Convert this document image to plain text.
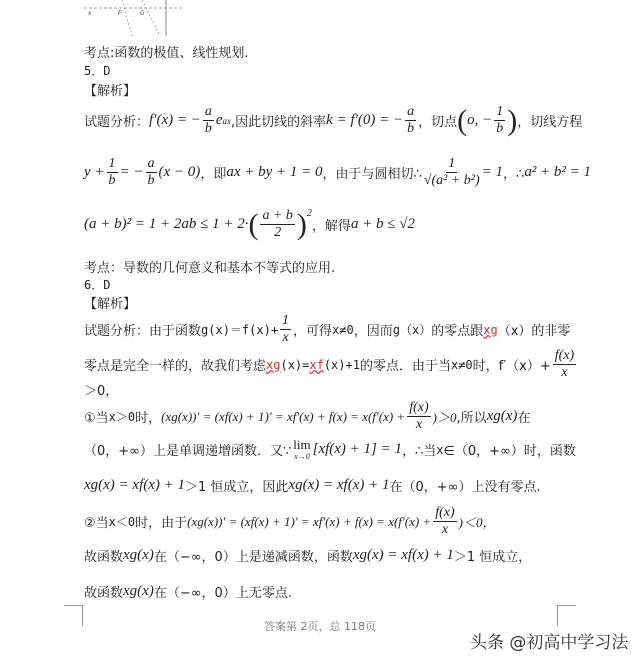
A	F	G
考点:函数的极值、线性规划.
5．D
【解析】
试题分析： f′(x) = − $\frac{a}{b}$ e ax ,因此切线的斜率 k = f′(0) = − $\frac{a}{b}$ ，切点 ( o, − $\frac{1}{b}$ ) ，切线方程
$y + \frac{1}{b}$ = − $\frac{a}{b} (x - 0)$ ，即 ax + by + 1 = 0 ，由于与圆相切∴ $\frac{1}{\text{√(a² + b²)}} = 1$ ，∴ a² + b² = 1
(a + b)² = 1 + 2ab ≤ 1 + 2· ( $\frac{a + b}{2} )^2$
，解得 a + b ≤ √2
考点：导数的几何意义和基本不等式的应用.
6．D
【解析】
试题分析：由于函数 $g(x)=f(x)+ \frac{1}{x}$ ，可得 x≠0 ，因而 g（x） 的零点跟 xg （x）的非零
零点是完全一样的，故我们考虑 xg (x)= xf (x)+1 的零点．由于当 x≠0 时，$f'(x)+ \frac{f(x)}{x}$
＞0，
①当 x＞0 时， $(xg(x))' = (xf(x) + 1)' = xf'(x) + f(x) = x(f'(x) + \frac{f(x)}{x} )>0$ ,所以 xg(x) 在
（0，+∞）上是单调递增函数．又∵ lim
x→0 [xf(x) + 1] = 1 ，∴当 x ∈（0，+∞）时，函数
xg(x) = xf(x) + 1 ＞1 恒成立，因此 xg(x) = xf(x) + 1 在（0，+∞）上没有零点.
②当 x＜0 时，由于 $(xg(x))' = (xf(x) + 1)' = xf'(x) + f(x) = x(f'(x) + \frac{f(x)}{x} )<0$，
故函数 xg(x) 在（−∞，0）上是递减函数，函数 xg(x) = xf(x) + 1 ＞1 恒成立，
故函数 xg(x) 在（−∞，0）上无零点.
答案第 2页，总 118页
头条 @初高中学习法
